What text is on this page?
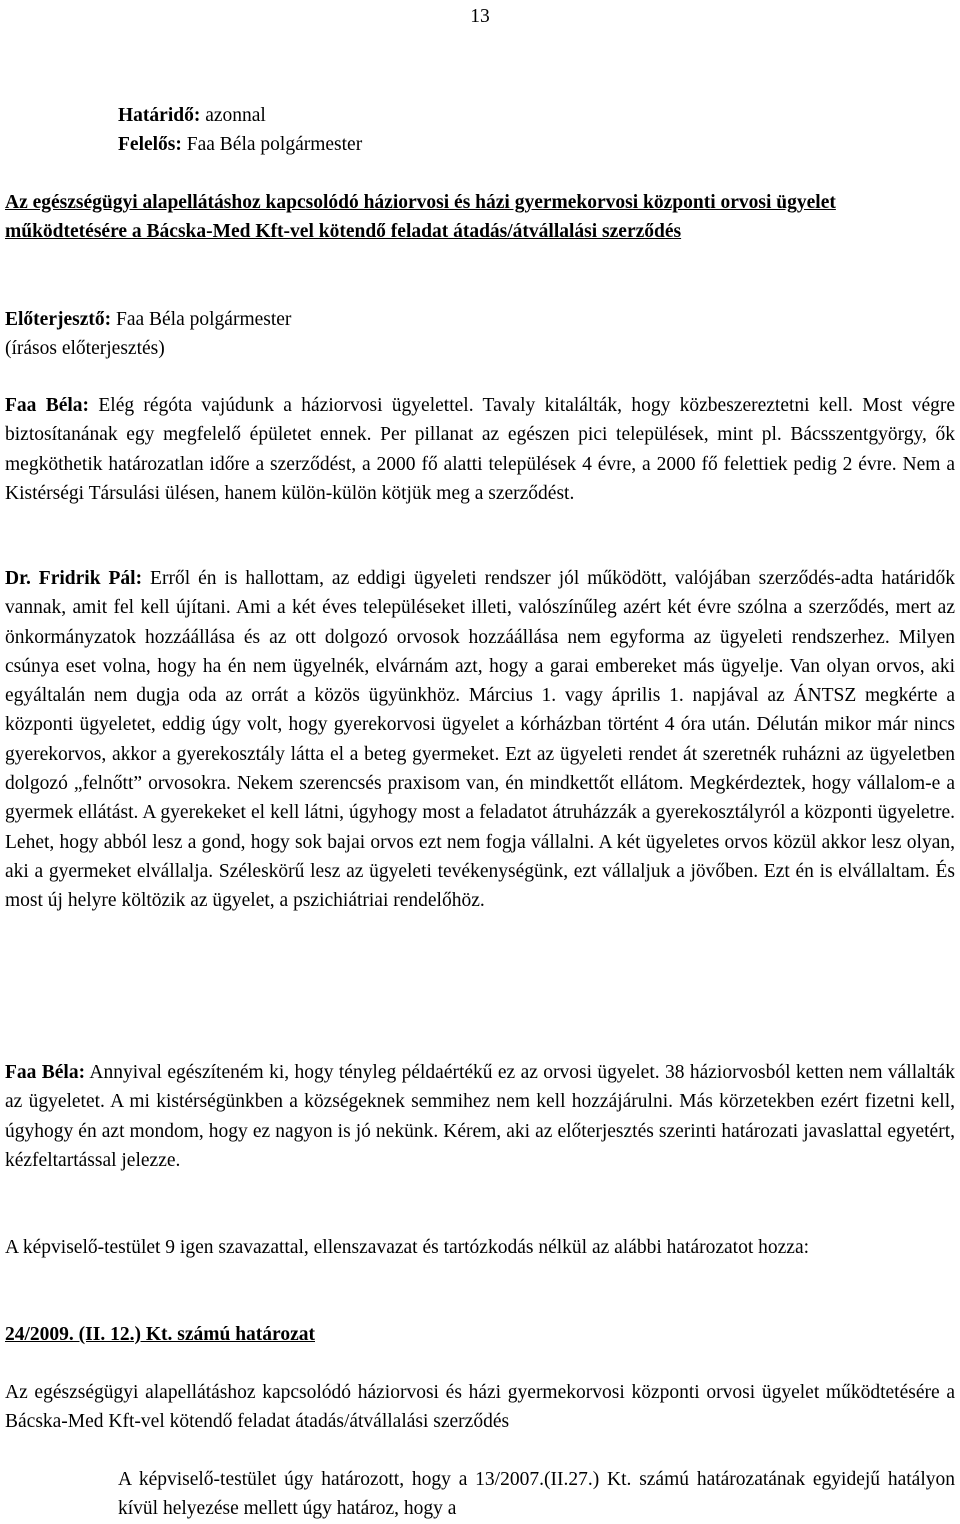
13
Határidő: azonnal
Felelős: Faa Béla polgármester

Az egészségügyi alapellátáshoz kapcsolódó háziorvosi és házi gyermekorvosi központi orvosi ügyelet működtetésére a Bácska-Med Kft-vel kötendő feladat átadás/átvállalási szerződés

Előterjesztő: Faa Béla polgármester
(írásos előterjesztés)

Faa Béla: Elég régóta vajúdunk a háziorvosi ügyelettel. Tavaly kitalálták, hogy közbeszereztetni kell. Most végre biztosítanának egy megfelelő épületet ennek. Per pillanat az egészen pici települések, mint pl. Bácsszentgyörgy, ők megköthetik határozatlan időre a szerződést, a 2000 fő alatti települések 4 évre, a 2000 fő felettiek pedig 2 évre. Nem a Kistérségi Társulási ülésen, hanem külön-külön kötjük meg a szerződést.

Dr. Fridrik Pál: Erről én is hallottam, az eddigi ügyeleti rendszer jól működött, valójában szerződés-adta határidők vannak, amit fel kell újítani. Ami a két éves településeket illeti, valószínűleg azért két évre szólna a szerződés, mert az önkormányzatok hozzáállása és az ott dolgozó orvosok hozzáállása nem egyforma az ügyeleti rendszerhez. Milyen csúnya eset volna, hogy ha én nem ügyelnék, elvárnám azt, hogy a garai embereket más ügyelje. Van olyan orvos, aki egyáltalán nem dugja oda az orrát a közös ügyünkhöz. Március 1. vagy április 1. napjával az ÁNTSZ megkérte a központi ügyeletet, eddig úgy volt, hogy gyerekorvosi ügyelet a kórházban történt 4 óra után. Délután mikor már nincs gyerekorvos, akkor a gyerekosztály látta el a beteg gyermeket. Ezt az ügyeleti rendet át szeretnék ruházni az ügyeletben dolgozó „felnőtt” orvosokra. Nekem szerencsés praxisom van, én mindkettőt ellátom. Megkérdeztek, hogy vállalom-e a gyermek ellátást. A gyerekeket el kell látni, úgyhogy most a feladatot átruházzák a gyerekosztályról a központi ügyeletre. Lehet, hogy abból lesz a gond, hogy sok bajai orvos ezt nem fogja vállalni. A két ügyeletes orvos közül akkor lesz olyan, aki a gyermeket elvállalja. Széleskörű lesz az ügyeleti tevékenységünk, ezt vállaljuk a jövőben. Ezt én is elvállaltam. És most új helyre költözik az ügyelet, a pszichiátriai rendelőhöz.

Faa Béla: Annyival egészíteném ki, hogy tényleg példaértékű ez az orvosi ügyelet. 38 háziorvosból ketten nem vállalták az ügyeletet. A mi kistérségünkben a községeknek semmihez nem kell hozzájárulni. Más körzetekben ezért fizetni kell, úgyhogy én azt mondom, hogy ez nagyon is jó nekünk. Kérem, aki az előterjesztés szerinti határozati javaslattal egyetért, kézfeltartással jelezze.

A képviselő-testület 9 igen szavazattal, ellenszavazat és tartózkodás nélkül az alábbi határozatot hozza:

24/2009. (II. 12.) Kt. számú határozat

Az egészségügyi alapellátáshoz kapcsolódó háziorvosi és házi gyermekorvosi központi orvosi ügyelet működtetésére a Bácska-Med Kft-vel kötendő feladat átadás/átvállalási szerződés

A képviselő-testület úgy határozott, hogy a 13/2007.(II.27.) Kt. számú határozatának egyidejű hatályon kívül helyezése mellett úgy határoz, hogy a
